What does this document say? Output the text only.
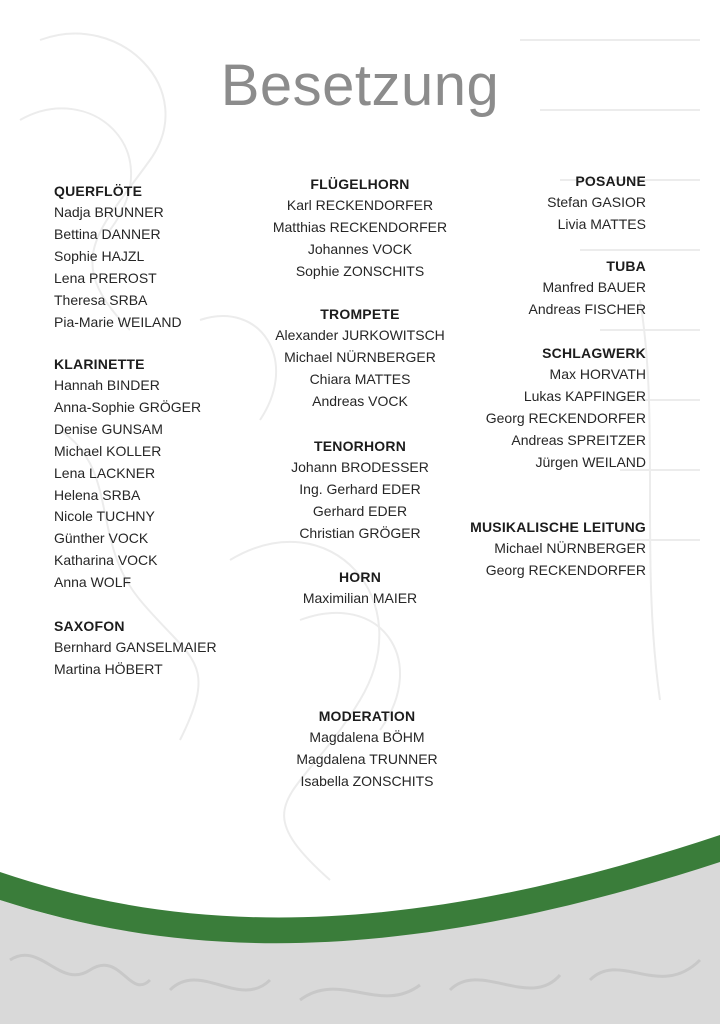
Besetzung
QUERFLÖTE
Nadja BRUNNER
Bettina DANNER
Sophie HAJZL
Lena PREROST
Theresa SRBA
Pia-Marie WEILAND
KLARINETTE
Hannah BINDER
Anna-Sophie GRÖGER
Denise GUNSAM
Michael KOLLER
Lena LACKNER
Helena SRBA
Nicole TUCHNY
Günther VOCK
Katharina VOCK
Anna WOLF
SAXOFON
Bernhard GANSELMAIER
Martina HÖBERT
FLÜGELHORN
Karl RECKENDORFER
Matthias RECKENDORFER
Johannes VOCK
Sophie ZONSCHITS
TROMPETE
Alexander JURKOWITSCH
Michael NÜRNBERGER
Chiara MATTES
Andreas VOCK
TENORHORN
Johann BRODESSER
Ing. Gerhard EDER
Gerhard EDER
Christian GRÖGER
HORN
Maximilian MAIER
MODERATION
Magdalena BÖHM
Magdalena TRUNNER
Isabella ZONSCHITS
POSAUNE
Stefan GASIOR
Livia MATTES
TUBA
Manfred BAUER
Andreas FISCHER
SCHLAGWERK
Max HORVATH
Lukas KAPFINGER
Georg RECKENDORFER
Andreas SPREITZER
Jürgen WEILAND
MUSIKALISCHE LEITUNG
Michael NÜRNBERGER
Georg RECKENDORFER
